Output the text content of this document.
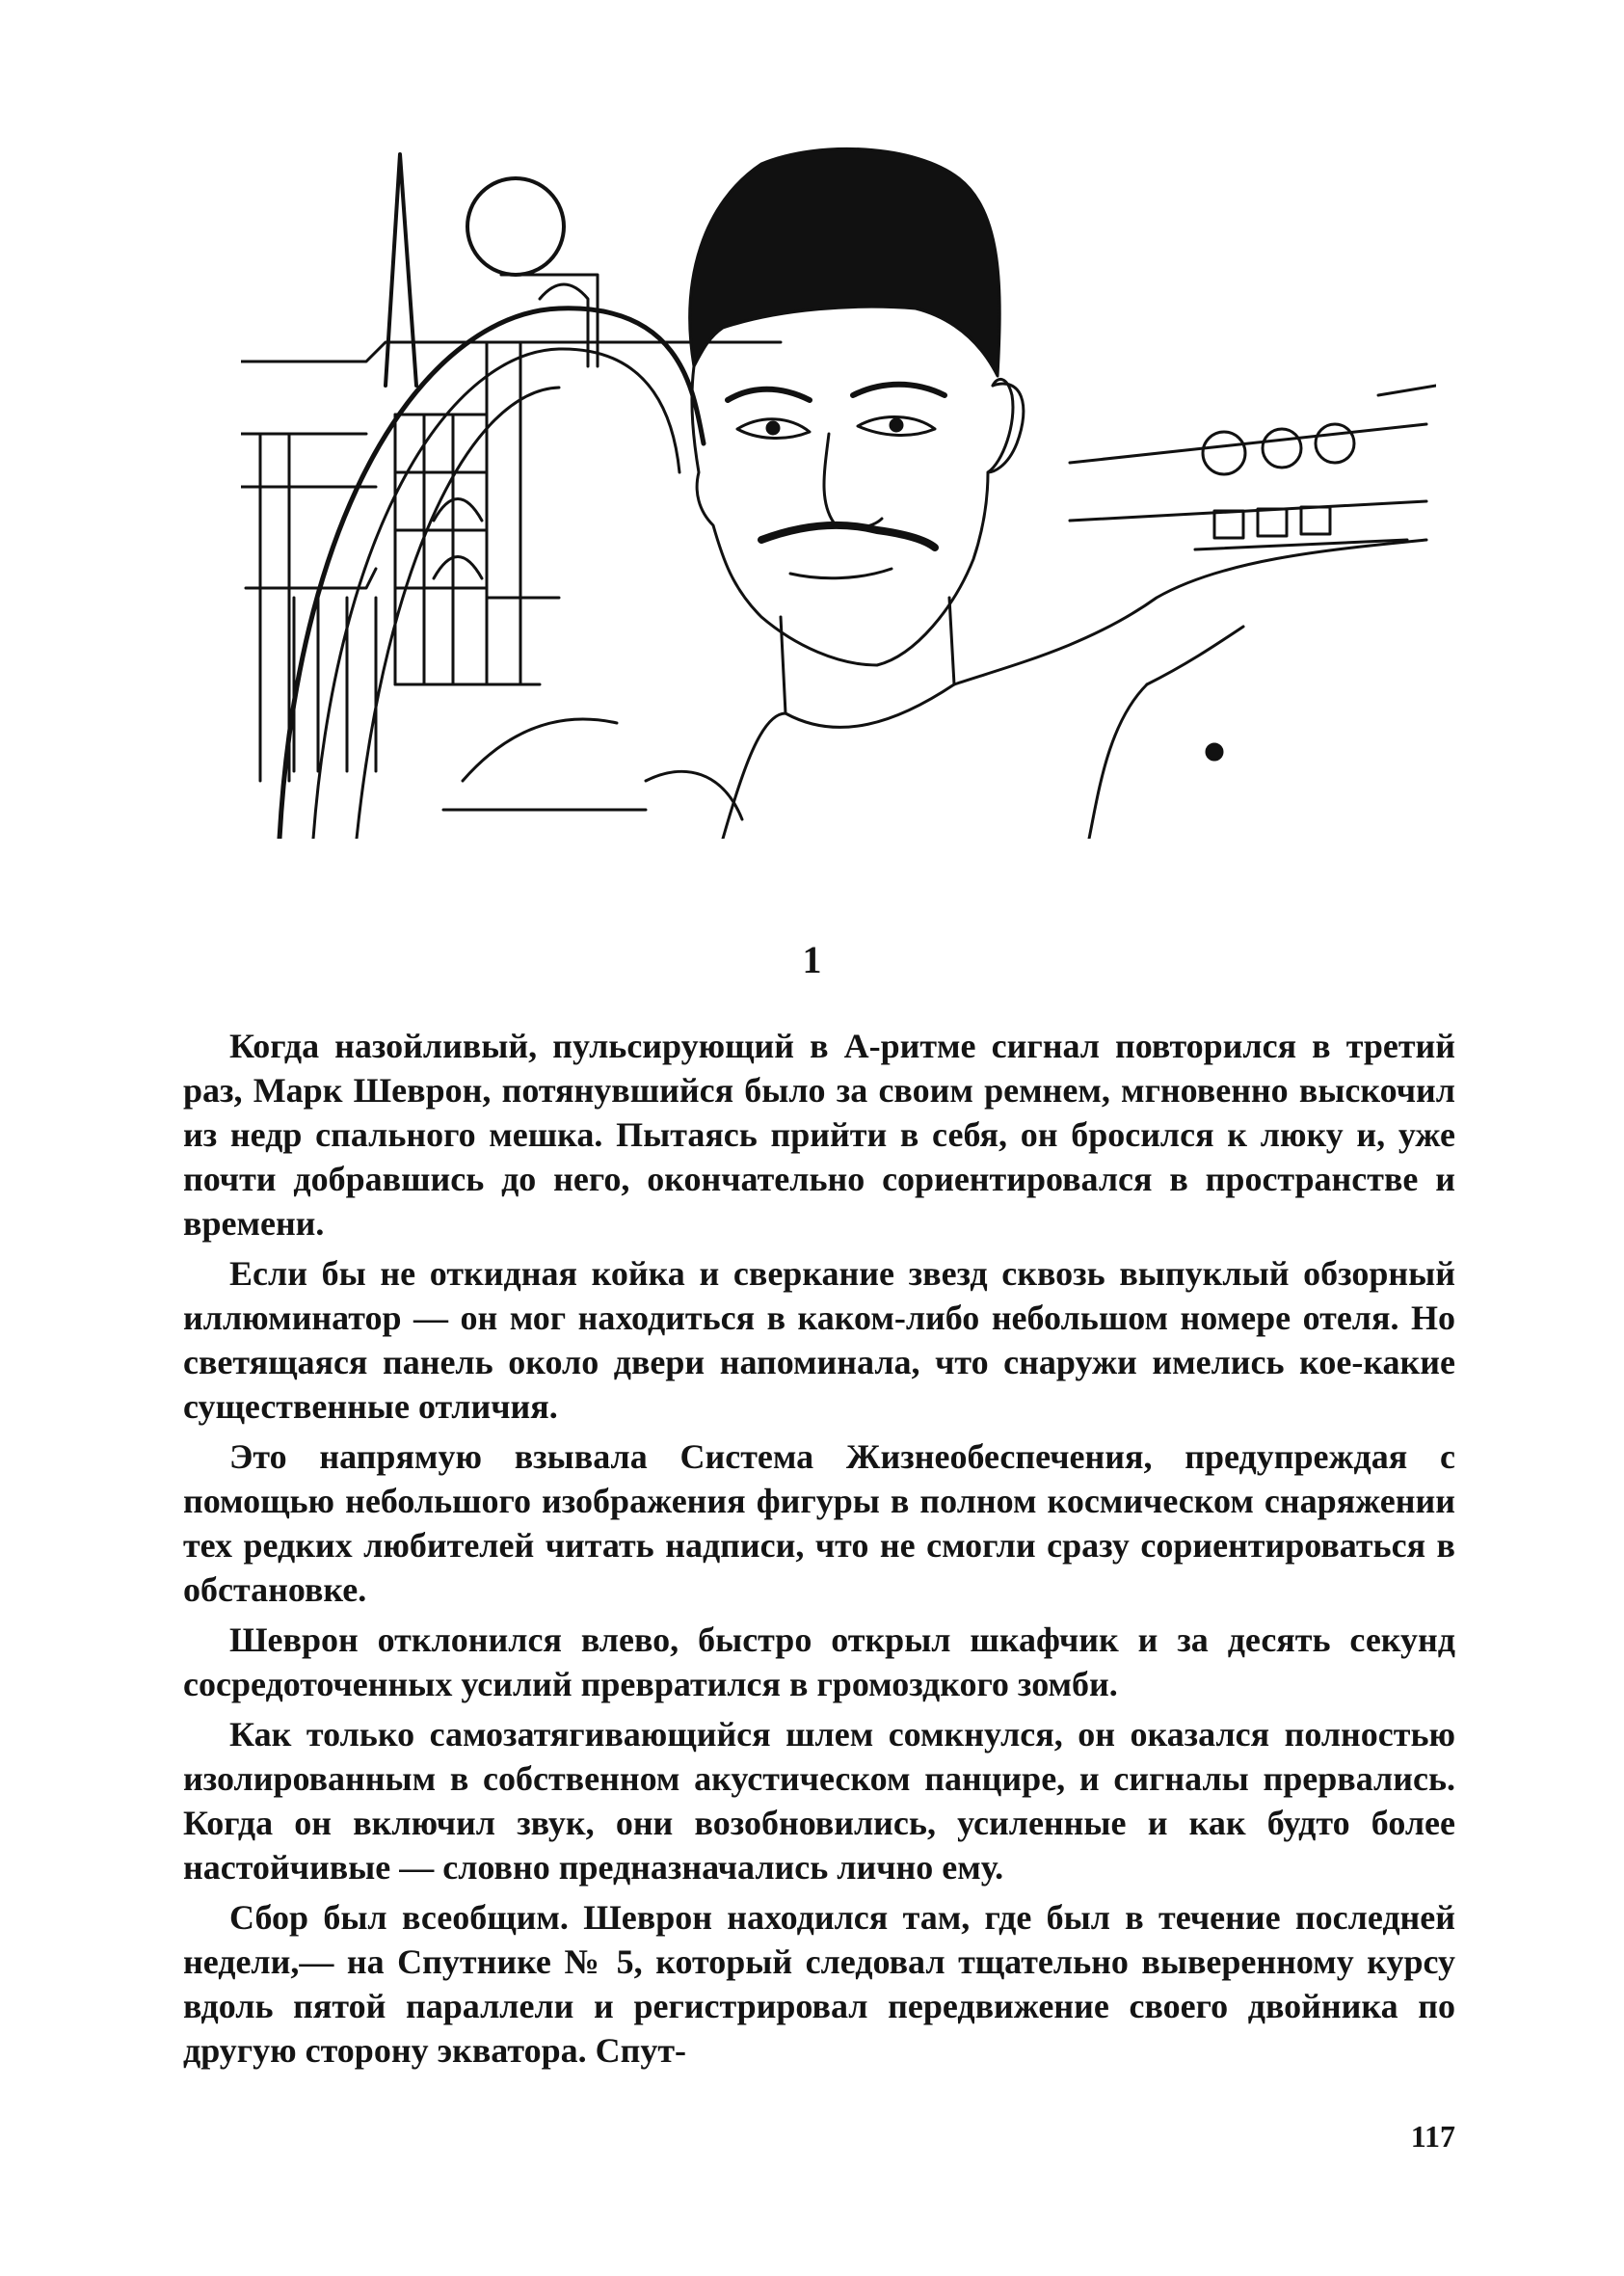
1

Когда назойливый, пульсирующий в А-ритме сигнал повторился в третий раз, Марк Шеврон, потянувшийся было за своим ремнем, мгновенно выскочил из недр спального мешка. Пытаясь прийти в себя, он бросился к люку и, уже почти добравшись до него, окончательно сориентировался в пространстве и времени.

Если бы не откидная койка и сверкание звезд сквозь выпуклый обзорный иллюминатор — он мог находиться в каком-либо небольшом номере отеля. Но светящаяся панель около двери напоминала, что снаружи имелись кое-какие существенные отличия.

Это напрямую взывала Система Жизнеобеспечения, предупреждая с помощью небольшого изображения фигуры в полном космическом снаряжении тех редких любителей читать надписи, что не смогли сразу сориентироваться в обстановке.

Шеврон отклонился влево, быстро открыл шкафчик и за десять секунд сосредоточенных усилий превратился в громоздкого зомби.

Как только самозатягивающийся шлем сомкнулся, он оказался полностью изолированным в собственном акустическом панцире, и сигналы прервались. Когда он включил звук, они возобновились, усиленные и как будто более настойчивые — словно предназначались лично ему.

Сбор был всеобщим. Шеврон находился там, где был в течение последней недели,— на Спутнике № 5, который следовал тщательно выверенному курсу вдоль пятой параллели и регистрировал передвижение своего двойника по другую сторону экватора. Спут-

117
